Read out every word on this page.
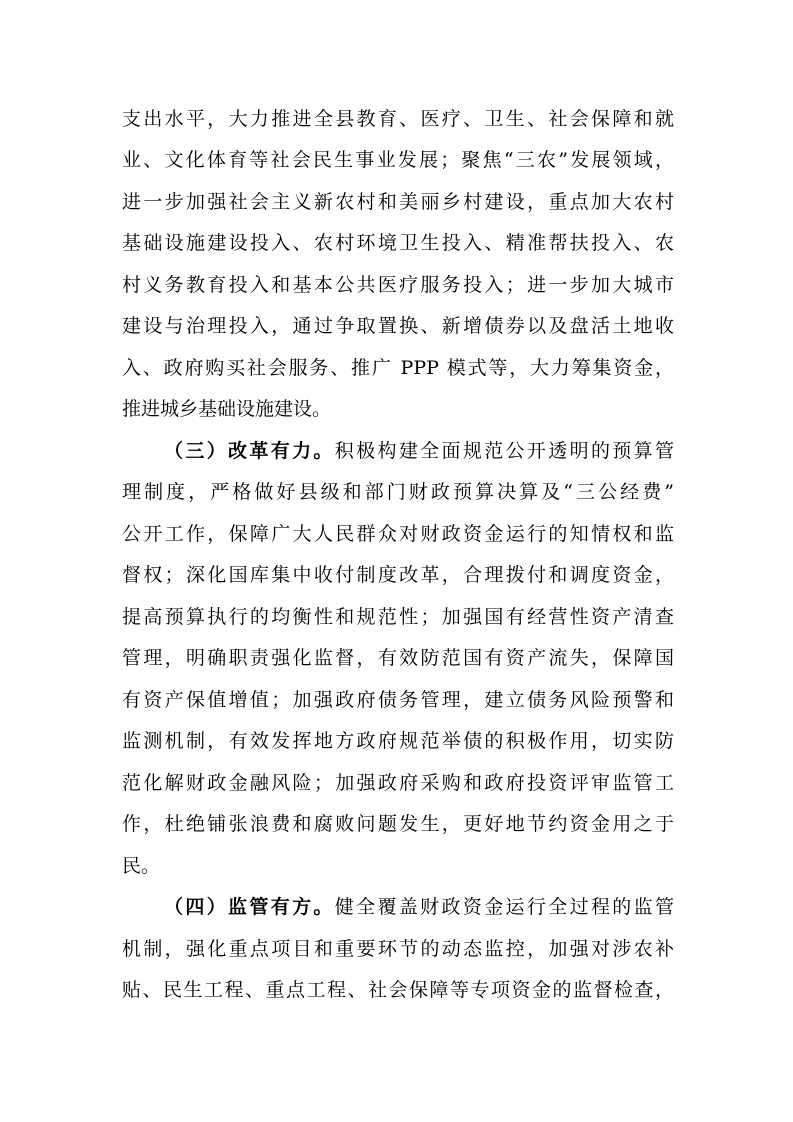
支出水平，大力推进全县教育、医疗、卫生、社会保障和就
业、文化体育等社会民生事业发展；聚焦“三农”发展领域，
进一步加强社会主义新农村和美丽乡村建设，重点加大农村
基础设施建设投入、农村环境卫生投入、精准帮扶投入、农
村义务教育投入和基本公共医疗服务投入；进一步加大城市
建设与治理投入，通过争取置换、新增债券以及盘活土地收
入、政府购买社会服务、推广 PPP 模式等，大力筹集资金，
推进城乡基础设施建设。
（三）改革有力。积极构建全面规范公开透明的预算管
理制度，严格做好县级和部门财政预算决算及“三公经费”
公开工作，保障广大人民群众对财政资金运行的知情权和监
督权；深化国库集中收付制度改革，合理拨付和调度资金，
提高预算执行的均衡性和规范性；加强国有经营性资产清查
管理，明确职责强化监督，有效防范国有资产流失，保障国
有资产保值增值；加强政府债务管理，建立债务风险预警和
监测机制，有效发挥地方政府规范举债的积极作用，切实防
范化解财政金融风险；加强政府采购和政府投资评审监管工
作，杜绝铺张浪费和腐败问题发生，更好地节约资金用之于
民。
（四）监管有方。健全覆盖财政资金运行全过程的监管
机制，强化重点项目和重要环节的动态监控，加强对涉农补
贴、民生工程、重点工程、社会保障等专项资金的监督检查，
